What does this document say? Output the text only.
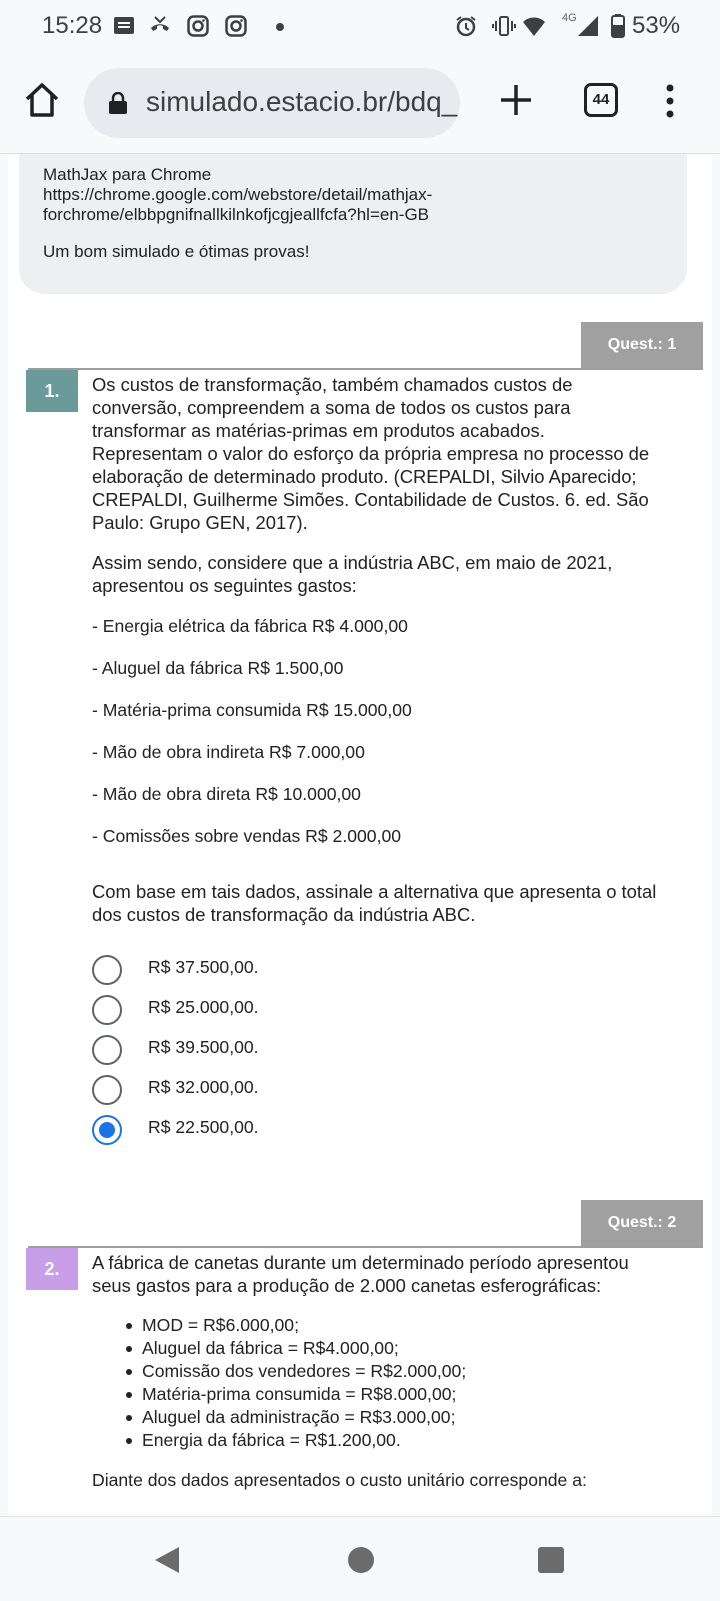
15:28	4G 53%
simulado.estacio.br/bdq_	44
MathJax para Chrome
https://chrome.google.com/webstore/detail/mathjax-
forchrome/elbbpgnifnallkilnkofjcgjeallfcfa?hl=en-GB
Um bom simulado e ótimas provas!
Quest.: 1
1.	Os custos de transformação, também chamados custos de
conversão, compreendem a soma de todos os custos para
transformar as matérias-primas em produtos acabados.
Representam o valor do esforço da própria empresa no processo de
elaboração de determinado produto. (CREPALDI, Silvio Aparecido;
CREPALDI, Guilherme Simões. Contabilidade de Custos. 6. ed. São
Paulo: Grupo GEN, 2017).
Assim sendo, considere que a indústria ABC, em maio de 2021,
apresentou os seguintes gastos:
- Energia elétrica da fábrica R$ 4.000,00
- Aluguel da fábrica R$ 1.500,00
- Matéria-prima consumida R$ 15.000,00
- Mão de obra indireta R$ 7.000,00
- Mão de obra direta R$ 10.000,00
- Comissões sobre vendas R$ 2.000,00
Com base em tais dados, assinale a alternativa que apresenta o total
dos custos de transformação da indústria ABC.
R$ 37.500,00.
R$ 25.000,00.
R$ 39.500,00.
R$ 32.000,00.
R$ 22.500,00.
Quest.: 2
2.	A fábrica de canetas durante um determinado período apresentou
seus gastos para a produção de 2.000 canetas esferográficas:
MOD = R$6.000,00;
Aluguel da fábrica = R$4.000,00;
Comissão dos vendedores = R$2.000,00;
Matéria-prima consumida = R$8.000,00;
Aluguel da administração = R$3.000,00;
Energia da fábrica = R$1.200,00.
Diante dos dados apresentados o custo unitário corresponde a:
